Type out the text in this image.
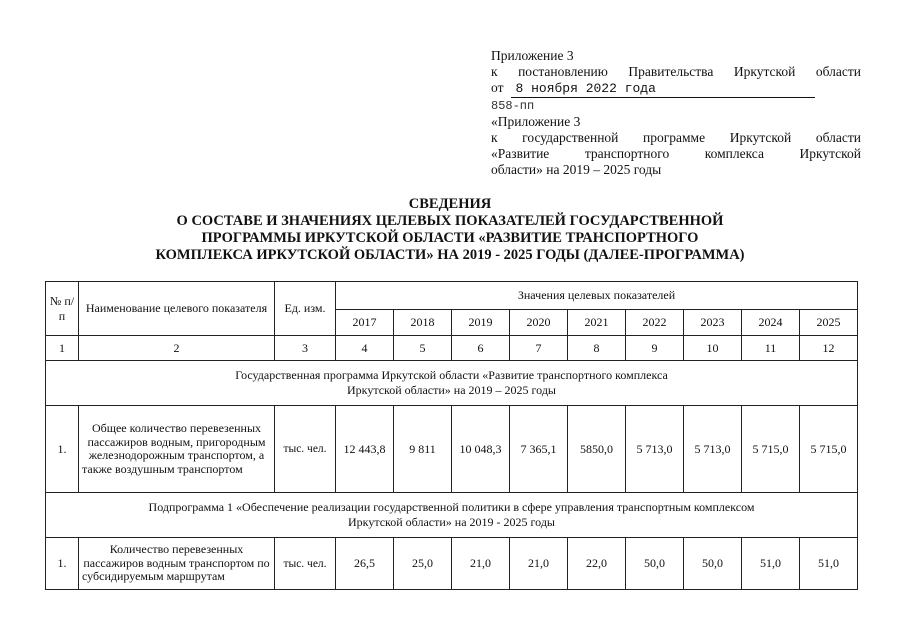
Приложение 3
к постановлению Правительства Иркутской области
от 8 ноября 2022 года
858-пп
«Приложение 3
к государственной программе Иркутской области
«Развитие транспортного комплекса Иркутской
области» на 2019 – 2025 годы
СВЕДЕНИЯ
О СОСТАВЕ И ЗНАЧЕНИЯХ ЦЕЛЕВЫХ ПОКАЗАТЕЛЕЙ ГОСУДАРСТВЕННОЙ
ПРОГРАММЫ ИРКУТСКОЙ ОБЛАСТИ «РАЗВИТИЕ ТРАНСПОРТНОГО
КОМПЛЕКСА ИРКУТСКОЙ ОБЛАСТИ» НА 2019 - 2025 ГОДЫ (ДАЛЕЕ-ПРОГРАММА)
№ п/п	Наименование целевого показателя	Ед. изм.	Значения целевых показателей								
			2017	2018	2019	2020	2021	2022	2023	2024	2025
1	2	3	4	5	6	7	8	9	10	11	12

Государственная программа Иркутской области «Развитие транспортного комплекса
Иркутской области» на 2019 – 2025 годы											

1.	Общее количество перевезенных пассажиров водным, пригородным железнодорожным транспортом, а также воздушным транспортом	тыс. чел.	12 443,8	9 811	10 048,3	7 365,1	5850,0	5 713,0	5 713,0	5 715,0	5 715,0

Подпрограмма 1 «Обеспечение реализации государственной политики в сфере управления транспортным комплексом
Иркутской области» на 2019 - 2025 годы											

1.	Количество перевезенных пассажиров водным транспортом по субсидируемым маршрутам	тыс. чел.	26,5	25,0	21,0	21,0	22,0	50,0	50,0	51,0	51,0
